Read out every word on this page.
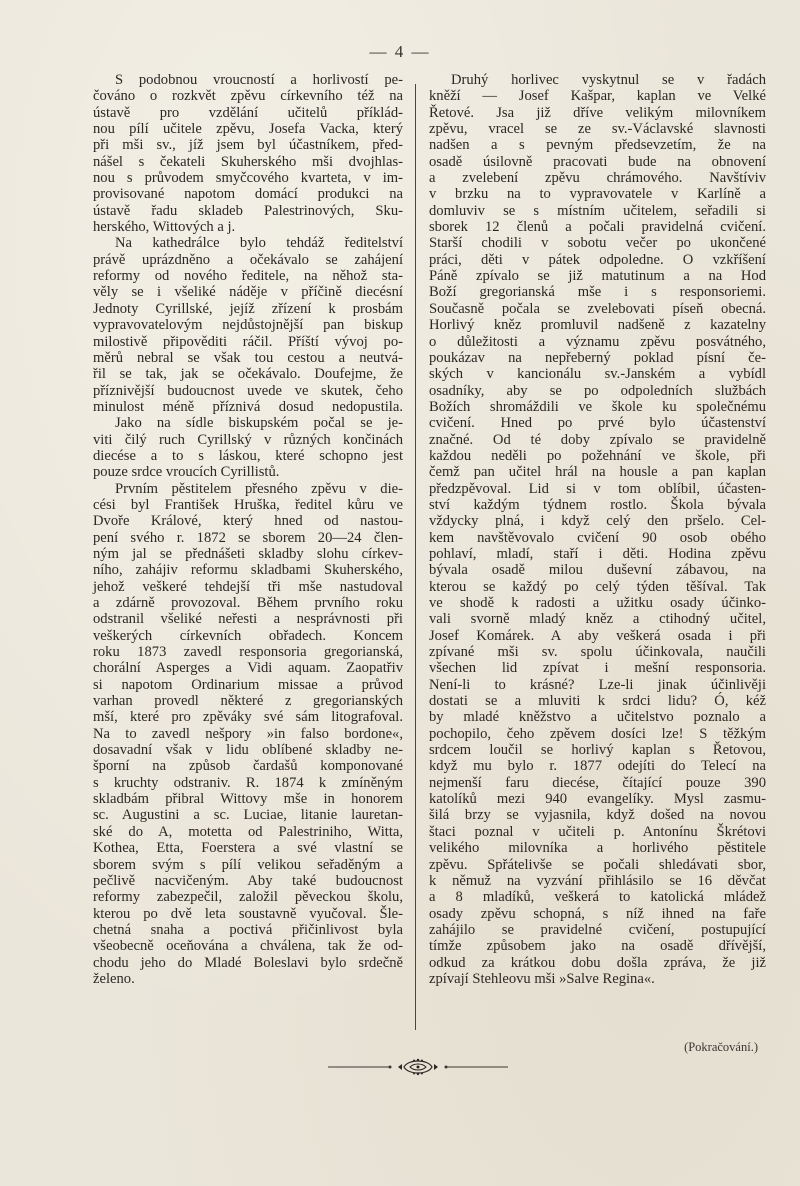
— 4 —
S podobnou vroucností a horlivostí pe-
čováno o rozkvět zpěvu církevního též na
ústavě pro vzdělání učitelů příklád-
nou pílí učitele zpěvu, Josefa Vacka, který
při mši sv., jíž jsem byl účastníkem, před-
nášel s čekateli Skuherského mši dvojhlas-
nou s průvodem smyčcového kvarteta, v im-
provisované napotom domácí produkci na
ústavě řadu skladeb Palestrinových, Sku-
herského, Wittových a j.
Na kathedrálce bylo tehdáž ředitelství
právě uprázdněno a očekávalo se zahájení
reformy od nového ředitele, na něhož sta-
věly se i všeliké náděje v příčině diecésní
Jednoty Cyrillské, jejíž zřízení k prosbám
vypravovatelovým nejdůstojnější pan biskup
milostivě připověditi ráčil. Příští vývoj po-
měrů nebral se však tou cestou a neutvá-
řil se tak, jak se očekávalo. Doufejme, že
příznivější budoucnost uvede ve skutek, čeho
minulost méně příznivá dosud nedopustila.
Jako na sídle biskupském počal se je-
viti čilý ruch Cyrillský v různých končinách
diecése a to s láskou, které schopno jest
pouze srdce vroucích Cyrillistů.
Prvním pěstitelem přesného zpěvu v die-
cési byl František Hruška, ředitel kůru ve
Dvoře Králové, který hned od nastou-
pení svého r. 1872 se sborem 20—24 člen-
ným jal se přednášeti skladby slohu církev-
ního, zahájiv reformu skladbami Skuherského,
jehož veškeré tehdejší tři mše nastudoval
a zdárně provozoval. Během prvního roku
odstranil všeliké neřesti a nesprávnosti při
veškerých církevních obřadech. Koncem
roku 1873 zavedl responsoria gregorianská,
chorální Asperges a Vidi aquam. Zaopatřiv
si napotom Ordinarium missae a průvod
varhan provedl některé z gregorianských
mší, které pro zpěváky své sám litografoval.
Na to zavedl nešpory »in falso bordone«,
dosavadní však v lidu oblíbené skladby ne-
šporní na způsob čardašů komponované
s kruchty odstraniv. R. 1874 k zmíněným
skladbám přibral Wittovy mše in honorem
sc. Augustini a sc. Luciae, litanie lauretan-
ské do A, motetta od Palestriniho, Witta,
Kothea, Etta, Foerstera a své vlastní se
sborem svým s pílí velikou seřaděným a
pečlivě nacvičeným. Aby také budoucnost
reformy zabezpečil, založil pěveckou školu,
kterou po dvě leta soustavně vyučoval. Šle-
chetná snaha a poctivá přičinlivost byla
všeobecně oceňována a chválena, tak že od-
chodu jeho do Mladé Boleslavi bylo srdečně
želeno.
Druhý horlivec vyskytnul se v řadách
kněží — Josef Kašpar, kaplan ve Velké
Řetové. Jsa již dříve velikým milovníkem
zpěvu, vracel se ze sv.-Václavské slavnosti
nadšen a s pevným předsevzetím, že na
osadě úsilovně pracovati bude na obnovení
a zvelebení zpěvu chrámového. Navštíviv
v brzku na to vypravovatele v Karlíně a
domluviv se s místním učitelem, seřadili si
sborek 12 členů a počali pravidelná cvičení.
Starší chodili v sobotu večer po ukončené
práci, děti v pátek odpoledne. O vzkříšení
Páně zpívalo se již matutinum a na Hod
Boží gregorianská mše i s responsoriemi.
Současně počala se zvelebovati píseň obecná.
Horlivý kněz promluvil nadšeně z kazatelny
o důležitosti a významu zpěvu posvátného,
poukázav na nepřeberný poklad písní če-
ských v kancionálu sv.-Janském a vybídl
osadníky, aby se po odpoledních službách
Božích shromáždili ve škole ku společnému
cvičení. Hned po prvé bylo účastenství
značné. Od té doby zpívalo se pravidelně
každou neděli po požehnání ve škole, při
čemž pan učitel hrál na housle a pan kaplan
předzpěvoval. Lid si v tom oblíbil, účasten-
ství každým týdnem rostlo. Škola bývala
vždycky plná, i když celý den pršelo. Cel-
kem navštěvovalo cvičení 90 osob obého
pohlaví, mladí, staří i děti. Hodina zpěvu
bývala osadě milou duševní zábavou, na
kterou se každý po celý týden těšíval. Tak
ve shodě k radosti a užitku osady účinko-
vali svorně mladý kněz a ctihodný učitel,
Josef Komárek. A aby veškerá osada i při
zpívané mši sv. spolu účinkovala, naučili
všechen lid zpívat i mešní responsoria.
Není-li to krásné? Lze-li jinak účinlivěji
dostati se a mluviti k srdci lidu? Ó, kéž
by mladé kněžstvo a učitelstvo poznalo a
pochopilo, čeho zpěvem dosíci lze! S těžkým
srdcem loučil se horlivý kaplan s Řetovou,
když mu bylo r. 1877 odejíti do Telecí na
nejmenší faru diecése, čítající pouze 390
katolíků mezi 940 evangelíky. Mysl zasmu-
šilá brzy se vyjasnila, když došed na novou
štaci poznal v učiteli p. Antonínu Škrétovi
velikého milovníka a horlivého pěstitele
zpěvu. Spřátelivše se počali shledávati sbor,
k němuž na vyzvání přihlásilo se 16 děvčat
a 8 mladíků, veškerá to katolická mládež
osady zpěvu schopná, s níž ihned na faře
zahájilo se pravidelné cvičení, postupující
tímže způsobem jako na osadě dřívější,
odkud za krátkou dobu došla zpráva, že již
zpívají Stehleovu mši »Salve Regina«.
(Pokračování.)
